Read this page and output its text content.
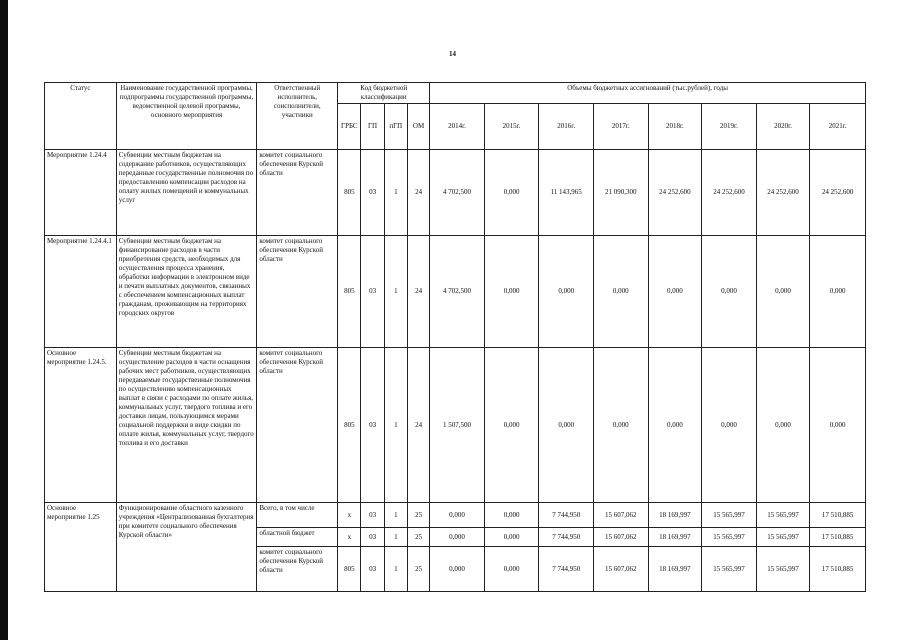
14
Статус	Наименование государственной программы, подпрограммы государственной программы, ведомственной целевой программы, основного мероприятия	Ответственный исполнитель, соисполнители, участники	Код бюджетной классификации				Объемы бюджетных ассигнований (тыс.рублей), годы							
			ГРБС	ГП	пГП	ОМ	2014г.	2015г.	2016г.	2017г.	2018г.	2019г.	2020г.	2021г.
Мероприятие 1.24.4	Субвенции местным бюджетам на содержание работников, осуществляющих переданные государственные полномочия по предоставлению компенсации расходов на оплату жилых помещений и коммунальных услуг	комитет социального обеспечения Курской области	805	03	1	24	4 702,500	0,000	11 143,965	21 090,300	24 252,600	24 252,600	24 252,600	24 252,600
Мероприятие 1.24.4.1	Субвенции местным бюджетам на финансирование расходов в части приобретения средств, необходимых для осуществления процесса хранения, обработки информации в электронном виде и печати выплатных документов, связанных с обеспечением компенсационных выплат гражданам, проживающим на территориях городских округов	комитет социального обеспечения Курской области	805	03	1	24	4 702,500	0,000	0,000	0,000	0,000	0,000	0,000	0,000
Основное мероприятие 1.24.5.	Субвенции местным бюджетам на осуществление расходов в части оснащения рабочих мест работников, осуществляющих передаваемые государственные полномочия по осуществлению компенсационных выплат в связи с расходами по оплате жилья, коммунальных услуг, твердого топлива и его доставки лицам, пользующимся мерами социальной поддержки в виде скидки по оплате жилья, коммунальных услуг, твердого топлива и его доставки	комитет социального обеспечения Курской области	805	03	1	24	1 507,500	0,000	0,000	0,000	0,000	0,000	0,000	0,000
Основное мероприятие 1.25	Функционирование областного казенного учреждения «Централизованная бухгалтерия при комитете социального обеспечения Курской области»	Всего, в том числе	х	03	1	25	0,000	0,000	7 744,950	15 607,062	18 169,997	15 565,997	15 565,997	17 510,885
		областной бюджет	х	03	1	25	0,000	0,000	7 744,950	15 607,062	18 169,997	15 565,997	15 565,997	17 510,885
		комитет социального обеспечения Курской области	805	03	1	25	0,000	0,000	7 744,950	15 607,062	18 169,997	15 565,997	15 565,997	17 510,885
